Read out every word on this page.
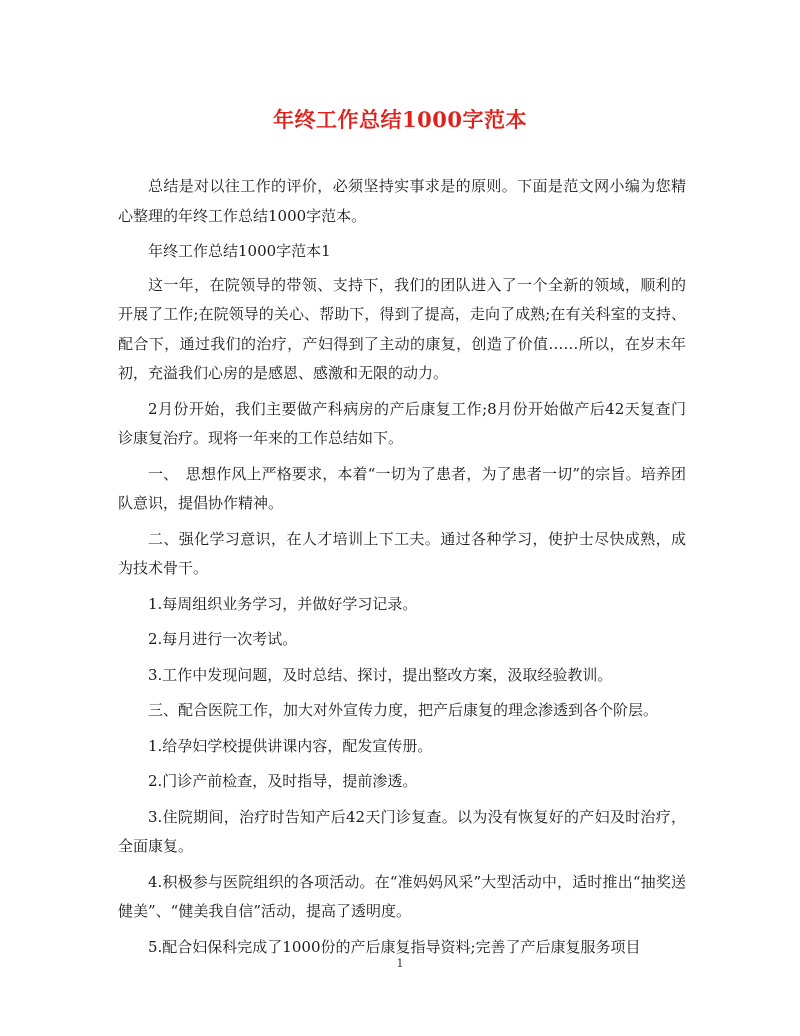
年终工作总结1000字范本

总结是对以往工作的评价，必须坚持实事求是的原则。下面是范文网小编为您精心整理的年终工作总结1000字范本。

年终工作总结1000字范本1

这一年，在院领导的带领、支持下，我们的团队进入了一个全新的领域，顺利的开展了工作;在院领导的关心、帮助下，得到了提高，走向了成熟;在有关科室的支持、配合下，通过我们的治疗，产妇得到了主动的康复，创造了价值……所以，在岁末年初，充溢我们心房的是感恩、感激和无限的动力。

2月份开始，我们主要做产科病房的产后康复工作;8月份开始做产后42天复查门诊康复治疗。现将一年来的工作总结如下。

一、　思想作风上严格要求，本着“一切为了患者，为了患者一切”的宗旨。培养团队意识，提倡协作精神。

二、强化学习意识，在人才培训上下工夫。通过各种学习，使护士尽快成熟，成为技术骨干。

1.每周组织业务学习，并做好学习记录。

2.每月进行一次考试。

3.工作中发现问题，及时总结、探讨，提出整改方案，汲取经验教训。

三、配合医院工作，加大对外宣传力度，把产后康复的理念渗透到各个阶层。

1.给孕妇学校提供讲课内容，配发宣传册。

2.门诊产前检查，及时指导，提前渗透。

3.住院期间，治疗时告知产后42天门诊复查。以为没有恢复好的产妇及时治疗，全面康复。

4.积极参与医院组织的各项活动。在“准妈妈风采”大型活动中，适时推出“抽奖送健美”、“健美我自信”活动，提高了透明度。

5.配合妇保科完成了1000份的产后康复指导资料;完善了产后康复服务项目

1
